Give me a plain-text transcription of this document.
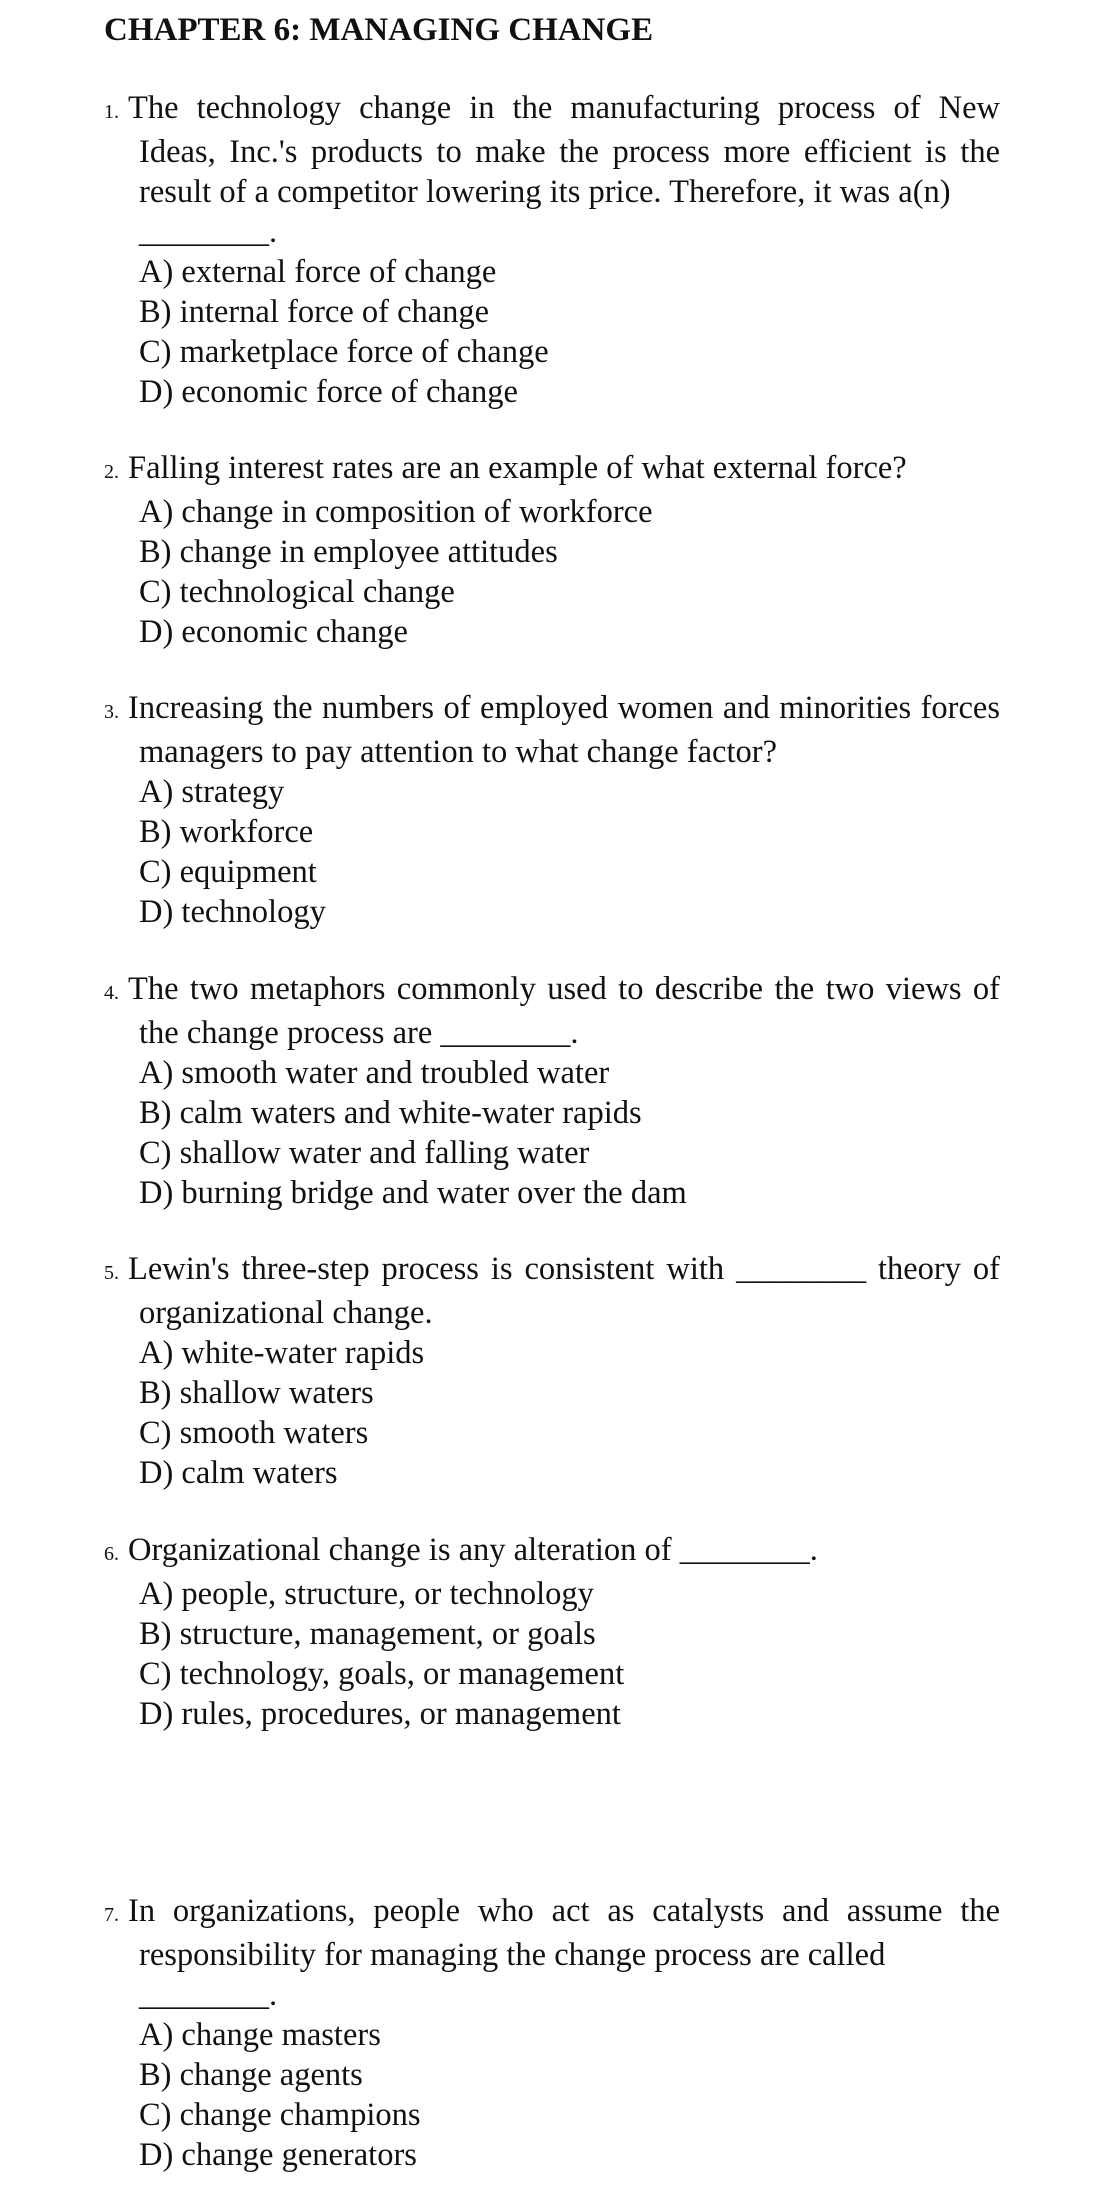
CHAPTER 6: MANAGING CHANGE
1. The technology change in the manufacturing process of New Ideas, Inc.'s products to make the process more efficient is the result of a competitor lowering its price. Therefore, it was a(n)
________.
A) external force of change
B) internal force of change
C) marketplace force of change
D) economic force of change
2. Falling interest rates are an example of what external force?
A) change in composition of workforce
B) change in employee attitudes
C) technological change
D) economic change
3. Increasing the numbers of employed women and minorities forces managers to pay attention to what change factor?
A) strategy
B) workforce
C) equipment
D) technology
4. The two metaphors commonly used to describe the two views of the change process are ________.
A) smooth water and troubled water
B) calm waters and white-water rapids
C) shallow water and falling water
D) burning bridge and water over the dam
5. Lewin's three-step process is consistent with ________ theory of organizational change.
A) white-water rapids
B) shallow waters
C) smooth waters
D) calm waters
6. Organizational change is any alteration of ________.
A) people, structure, or technology
B) structure, management, or goals
C) technology, goals, or management
D) rules, procedures, or management
7. In organizations, people who act as catalysts and assume the responsibility for managing the change process are called
________.
A) change masters
B) change agents
C) change champions
D) change generators
